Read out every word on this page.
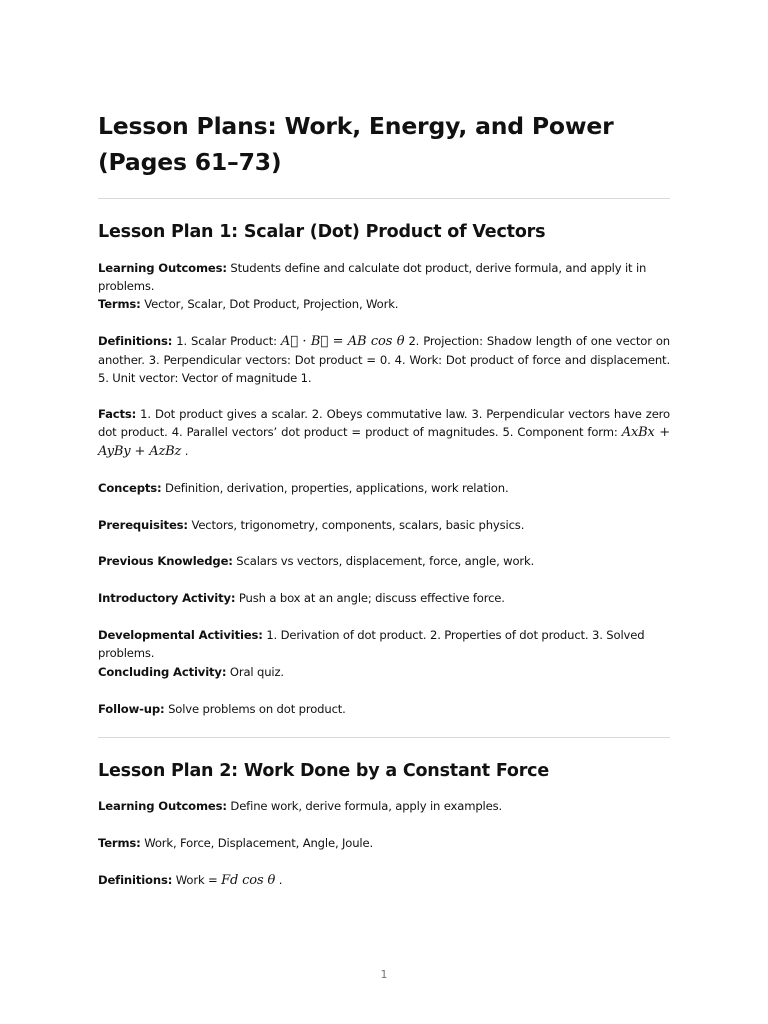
Lesson Plans: Work, Energy, and Power (Pages 61–73)
Lesson Plan 1: Scalar (Dot) Product of Vectors

Learning Outcomes: Students define and calculate dot product, derive formula, and apply it in problems.

Terms: Vector, Scalar, Dot Product, Projection, Work.

Definitions: 1. Scalar Product: A⃗ · B⃗ = AB cos θ 2. Projection: Shadow length of one vector on another. 3. Perpendicular vectors: Dot product = 0. 4. Work: Dot product of force and displacement. 5. Unit vector: Vector of magnitude 1.

Facts: 1. Dot product gives a scalar. 2. Obeys commutative law. 3. Perpendicular vectors have zero dot product. 4. Parallel vectors’ dot product = product of magnitudes. 5. Component form: AxBx + AyBy + AzBz .

Concepts: Definition, derivation, properties, applications, work relation.

Prerequisites: Vectors, trigonometry, components, scalars, basic physics.

Previous Knowledge: Scalars vs vectors, displacement, force, angle, work.

Introductory Activity: Push a box at an angle; discuss effective force.

Developmental Activities: 1. Derivation of dot product. 2. Properties of dot product. 3. Solved problems.

Concluding Activity: Oral quiz.

Follow-up: Solve problems on dot product.

Lesson Plan 2: Work Done by a Constant Force

Learning Outcomes: Define work, derive formula, apply in examples.

Terms: Work, Force, Displacement, Angle, Joule.

Definitions: Work = Fd cos θ .

1
